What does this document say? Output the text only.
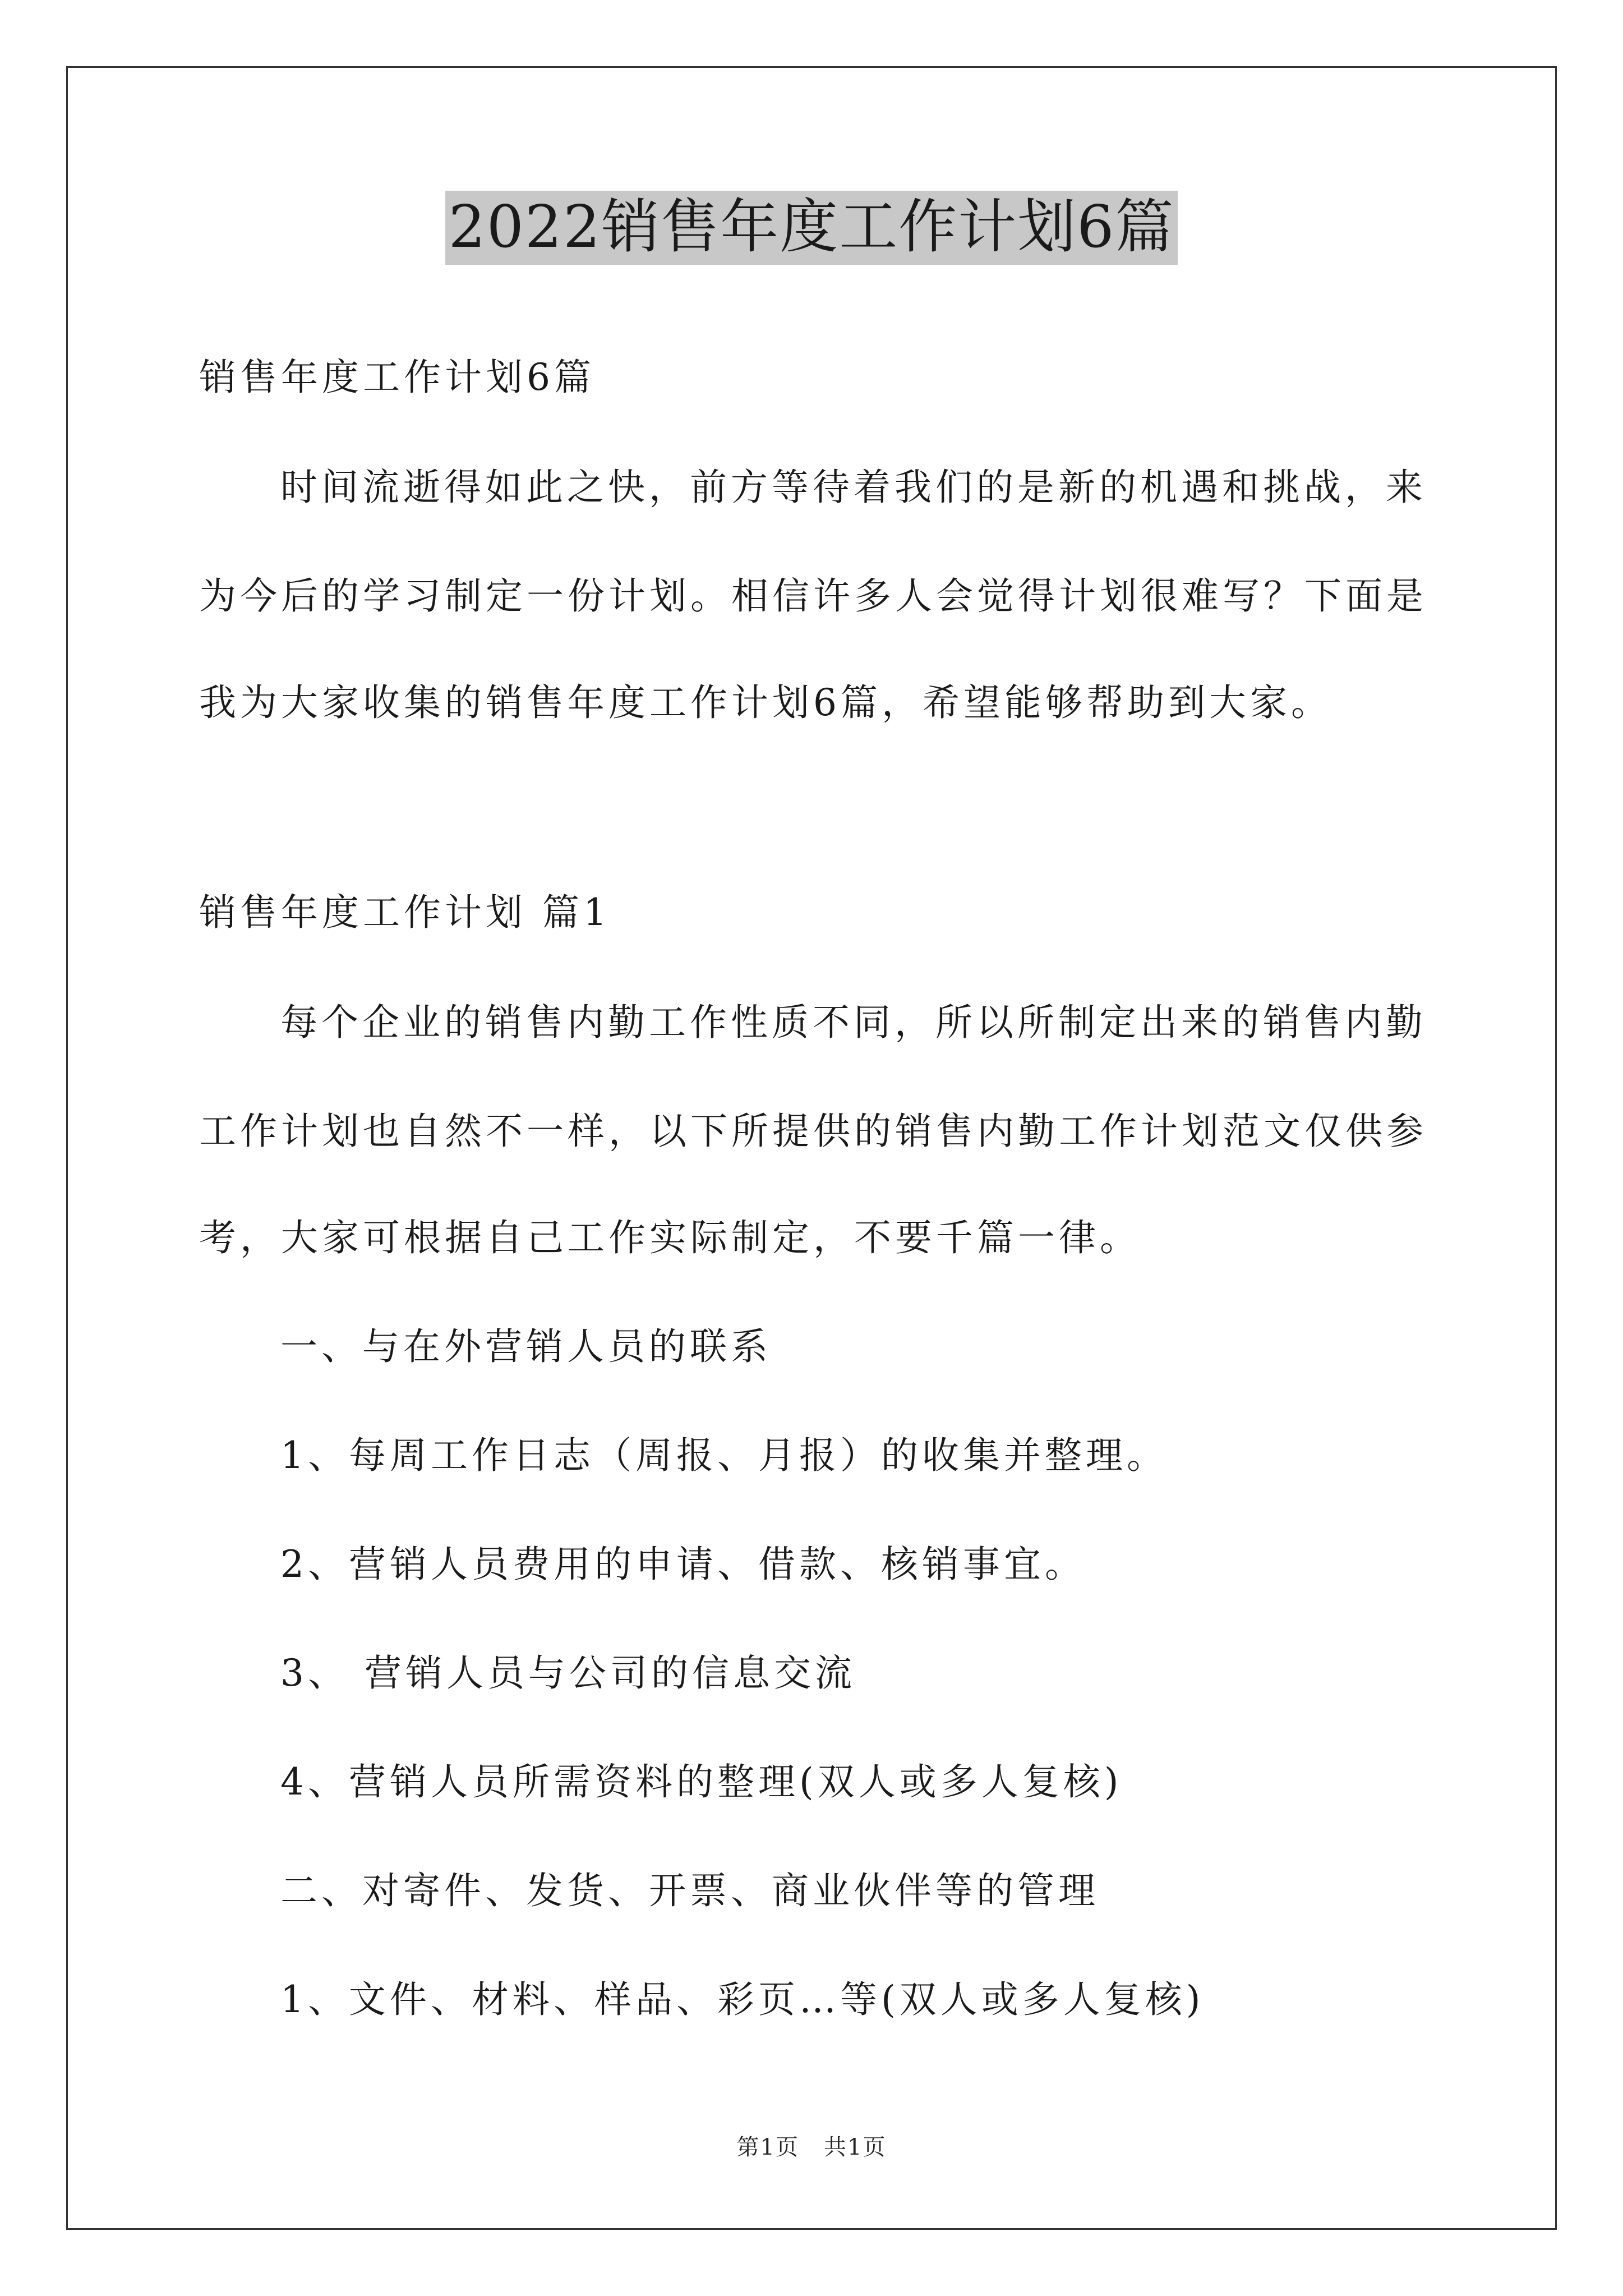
2022销售年度工作计划6篇
销售年度工作计划6篇
时间流逝得如此之快，前方等待着我们的是新的机遇和挑战，来
为今后的学习制定一份计划。相信许多人会觉得计划很难写？下面是
我为大家收集的销售年度工作计划6篇，希望能够帮助到大家。
销售年度工作计划 篇1
每个企业的销售内勤工作性质不同，所以所制定出来的销售内勤
工作计划也自然不一样，以下所提供的销售内勤工作计划范文仅供参
考，大家可根据自己工作实际制定，不要千篇一律。
一、与在外营销人员的联系
1、每周工作日志（周报、月报）的收集并整理。
2、营销人员费用的申请、借款、核销事宜。
3、 营销人员与公司的信息交流
4、营销人员所需资料的整理(双人或多人复核)
二、对寄件、发货、开票、商业伙伴等的管理
1、文件、材料、样品、彩页…等(双人或多人复核)
第1页 共1页
